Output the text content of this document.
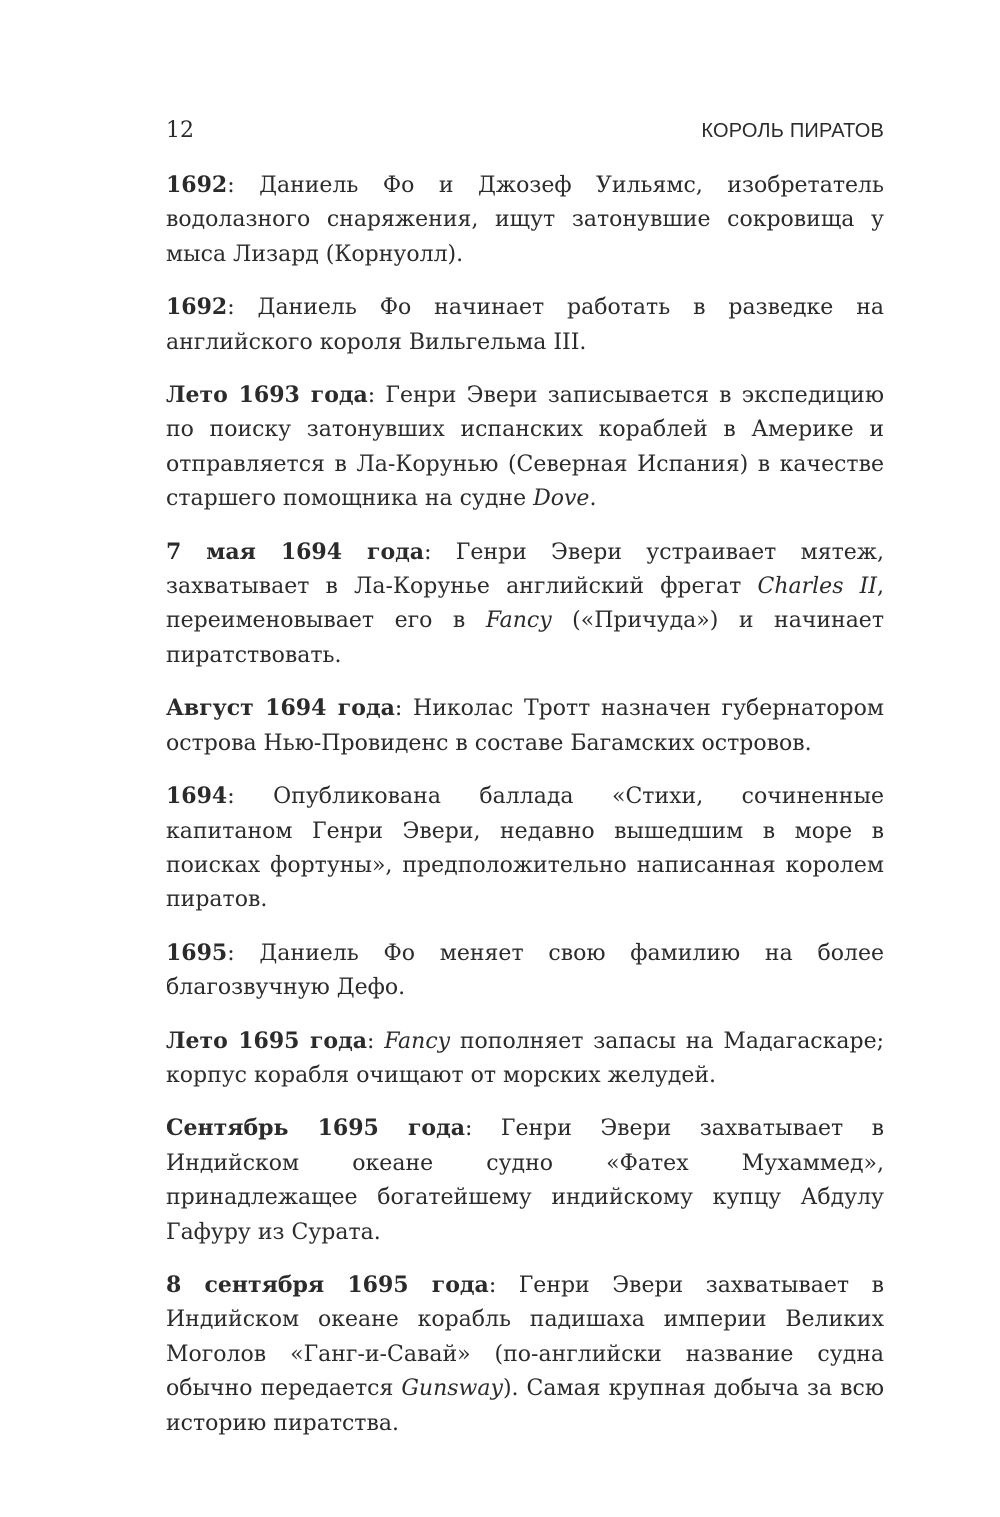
12	КОРОЛЬ ПИРАТОВ

1692: Даниель Фо и Джозеф Уильямс, изобретатель водолазного снаряжения, ищут затонувшие сокровища у мыса Лизард (Корнуолл).

1692: Даниель Фо начинает работать в разведке на английского короля Вильгельма III.

Лето 1693 года: Генри Эвери записывается в экспедицию по поиску затонувших испанских кораблей в Америке и отправляется в Ла-Корунью (Северная Испания) в качестве старшего помощника на судне Dove.

7 мая 1694 года: Генри Эвери устраивает мятеж, захватывает в Ла-Корунье английский фрегат Charles II, переименовывает его в Fancy («Причуда») и начинает пиратствовать.

Август 1694 года: Николас Тротт назначен губернатором острова Нью-Провиденс в составе Багамских островов.

1694: Опубликована баллада «Стихи, сочиненные капитаном Генри Эвери, недавно вышедшим в море в поисках фортуны», предположительно написанная королем пиратов.

1695: Даниель Фо меняет свою фамилию на более благозвучную Дефо.

Лето 1695 года: Fancy пополняет запасы на Мадагаскаре; корпус корабля очищают от морских желудей.

Сентябрь 1695 года: Генри Эвери захватывает в Индийском океане судно «Фатех Мухаммед», принадлежащее богатейшему индийскому купцу Абдулу Гафуру из Сурата.

8 сентября 1695 года: Генри Эвери захватывает в Индийском океане корабль падишаха империи Великих Моголов «Ганг-и-Савай» (по-английски название судна обычно передается Gunsway). Самая крупная добыча за всю историю пиратства.
